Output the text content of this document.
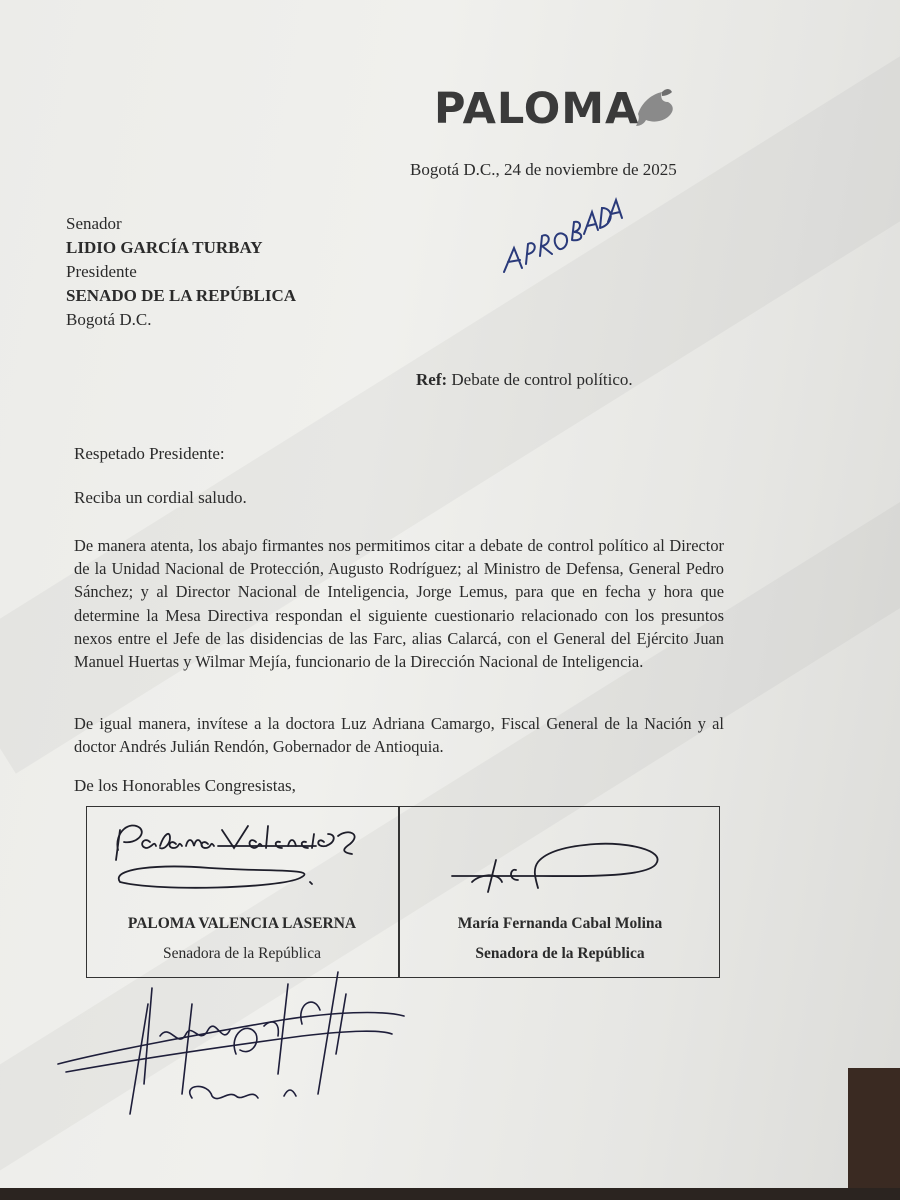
PALOMA
Bogotá D.C., 24 de noviembre de 2025
Senador
LIDIO GARCÍA TURBAY
Presidente
SENADO DE LA REPÚBLICA
Bogotá D.C.
Ref: Debate de control político.
Respetado Presidente:
Reciba un cordial saludo.
De manera atenta, los abajo firmantes nos permitimos citar a debate de control político al Director de la Unidad Nacional de Protección, Augusto Rodríguez; al Ministro de Defensa, General Pedro Sánchez; y al Director Nacional de Inteligencia, Jorge Lemus, para que en fecha y hora que determine la Mesa Directiva respondan el siguiente cuestionario relacionado con los presuntos nexos entre el Jefe de las disidencias de las Farc, alias Calarcá, con el General del Ejército Juan Manuel Huertas y Wilmar Mejía, funcionario de la Dirección Nacional de Inteligencia.
De igual manera, invítese a la doctora Luz Adriana Camargo, Fiscal General de la Nación y al doctor Andrés Julián Rendón, Gobernador de Antioquia.
De los Honorables Congresistas,
PALOMA VALENCIA LASERNA
Senadora de la República
María Fernanda Cabal Molina
Senadora de la República
